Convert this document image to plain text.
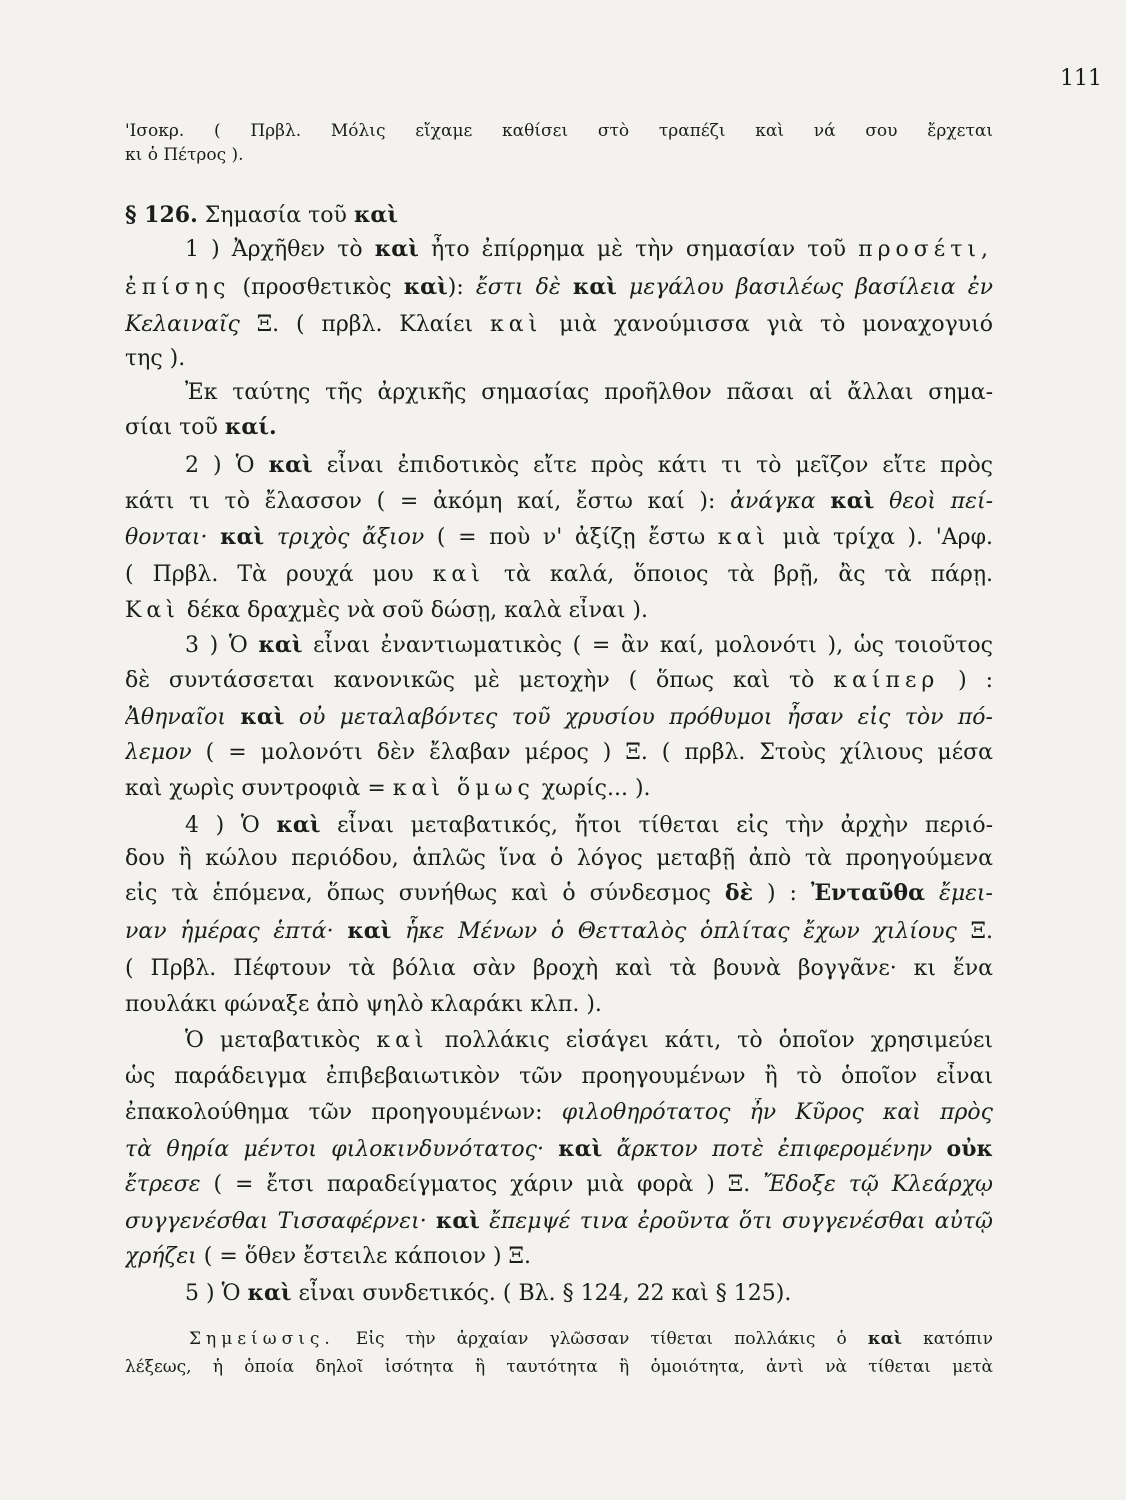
111
'Ισοκρ. ( Πρβλ. Μόλις εἴχαμε καθίσει στὸ τραπέζι καὶ νά σου ἔρχεται
κι ὁ Πέτρος ).
§ 126. Σημασία τοῦ καὶ
1 ) Ἀρχῆθεν τὸ καὶ ἦτο ἐπίρρημα μὲ τὴν σημασίαν τοῦ προσέτι,
ἐπίσης (προσθετικὸς καὶ): ἔστι δὲ καὶ μεγάλου βασιλέως βασίλεια ἐν
Κελαιναῖς Ξ. ( πρβλ. Κλαίει καὶ μιὰ χανούμισσα γιὰ τὸ μοναχογυιό
της ).
Ἐκ ταύτης τῆς ἀρχικῆς σημασίας προῆλθον πᾶσαι αἱ ἄλλαι σημα-
σίαι τοῦ καί.
2 ) Ὁ καὶ εἶναι ἐπιδοτικὸς εἴτε πρὸς κάτι τι τὸ μεῖζον εἴτε πρὸς
κάτι τι τὸ ἔλασσον ( = ἀκόμη καί, ἔστω καί ): ἀνάγκα καὶ θεοὶ πεί-
θονται· καὶ τριχὸς ἄξιον ( = ποὺ ν' ἀξίζῃ ἔστω καὶ μιὰ τρίχα ). 'Αρφ.
( Πρβλ. Τὰ ρουχά μου καὶ τὰ καλά, ὅποιος τὰ βρῇ, ἂς τὰ πάρῃ.
Καὶ δέκα δραχμὲς νὰ σοῦ δώσῃ, καλὰ εἶναι ).
3 ) Ὁ καὶ εἶναι ἐναντιωματικὸς ( = ἂν καί, μολονότι ), ὡς τοιοῦτος
δὲ συντάσσεται κανονικῶς μὲ μετοχὴν ( ὅπως καὶ τὸ καίπερ ) :
Ἀθηναῖοι καὶ οὐ μεταλαβόντες τοῦ χρυσίου πρόθυμοι ἦσαν εἰς τὸν πό-
λεμον ( = μολονότι δὲν ἔλαβαν μέρος ) Ξ. ( πρβλ. Στοὺς χίλιους μέσα
καὶ χωρὶς συντροφιὰ = καὶ ὅμως χωρίς... ).
4 ) Ὁ καὶ εἶναι μεταβατικός, ἤτοι τίθεται εἰς τὴν ἀρχὴν περιό-
δου ἢ κώλου περιόδου, ἁπλῶς ἵνα ὁ λόγος μεταβῇ ἀπὸ τὰ προηγούμενα
εἰς τὰ ἑπόμενα, ὅπως συνήθως καὶ ὁ σύνδεσμος δὲ ) : Ἐνταῦθα ἔμει-
ναν ἡμέρας ἑπτά· καὶ ἧκε Μένων ὁ Θετταλὸς ὁπλίτας ἔχων χιλίους Ξ.
( Πρβλ. Πέφτουν τὰ βόλια σὰν βροχὴ καὶ τὰ βουνὰ βογγᾶνε· κι ἕνα
πουλάκι φώναξε ἀπὸ ψηλὸ κλαράκι κλπ. ).
Ὁ μεταβατικὸς καὶ πολλάκις εἰσάγει κάτι, τὸ ὁποῖον χρησιμεύει
ὡς παράδειγμα ἐπιβεβαιωτικὸν τῶν προηγουμένων ἢ τὸ ὁποῖον εἶναι
ἐπακολούθημα τῶν προηγουμένων: φιλοθηρότατος ἦν Κῦρος καὶ πρὸς
τὰ θηρία μέντοι φιλοκινδυνότατος· καὶ ἄρκτον ποτὲ ἐπιφερομένην οὐκ
ἔτρεσε ( = ἔτσι παραδείγματος χάριν μιὰ φορὰ ) Ξ. Ἔδοξε τῷ Κλεάρχῳ
συγγενέσθαι Τισσαφέρνει· καὶ ἔπεμψέ τινα ἐροῦντα ὅτι συγγενέσθαι αὐτῷ
χρήζει ( = ὅθεν ἔστειλε κάποιον ) Ξ.
5 ) Ὁ καὶ εἶναι συνδετικός. ( Βλ. § 124, 22 καὶ § 125).
Σημείωσις. Εἰς τὴν ἀρχαίαν γλῶσσαν τίθεται πολλάκις ὁ καὶ κατόπιν
λέξεως, ἡ ὁποία δηλοῖ ἰσότητα ἢ ταυτότητα ἢ ὁμοιότητα, ἀντὶ νὰ τίθεται μετὰ
